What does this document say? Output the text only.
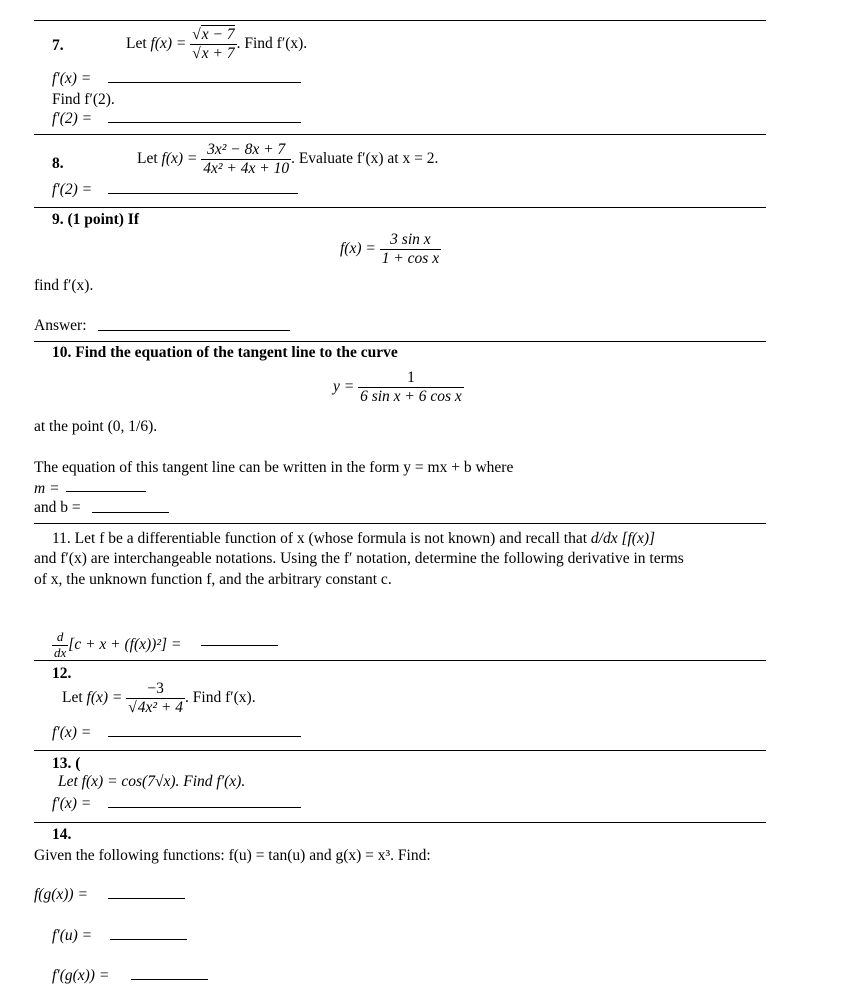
7.	Let $f(x) = \frac{√x - 7}{√x + 7}$ . Find f′(x).
f′(x) =
Find f′(2).
f′(2) =
8.	Let $f(x) = \frac{\text{3x² − 8x + 7}}{\text{4x² + 4x + 10}}$ . Evaluate f′(x) at x = 2.
f′(2) =
9. (1 point) If
$f(x) = \frac{\text{3 sin x}}{\text{1 + cos x}}$
find f′(x).
Answer:
10. Find the equation of the tangent line to the curve
$y = \frac{1}{\text{6 sin x + 6 cos x}}$
at the point (0, 1/6).
The equation of this tangent line can be written in the form y = mx + b where
m =
and b =
11. Let f be a differentiable function of x (whose formula is not known) and recall that d/dx [f(x)]
and f′(x) are interchangeable notations. Using the f′ notation, determine the following derivative in terms
of x, the unknown function f, and the arbitrary constant c.
$\frac{d}{dx} [c + x + (f(x))^2]$ =
12.
Let $f(x) = \frac{-3}{\text{√4x² + 4}}$ . Find f′(x).
f′(x) =
13. (
Let f(x) = cos(7√x). Find f′(x).
f′(x) =
14.
Given the following functions: f(u) = tan(u) and g(x) = x³. Find:
f(g(x)) =
f′(u) =
f′(g(x)) =
